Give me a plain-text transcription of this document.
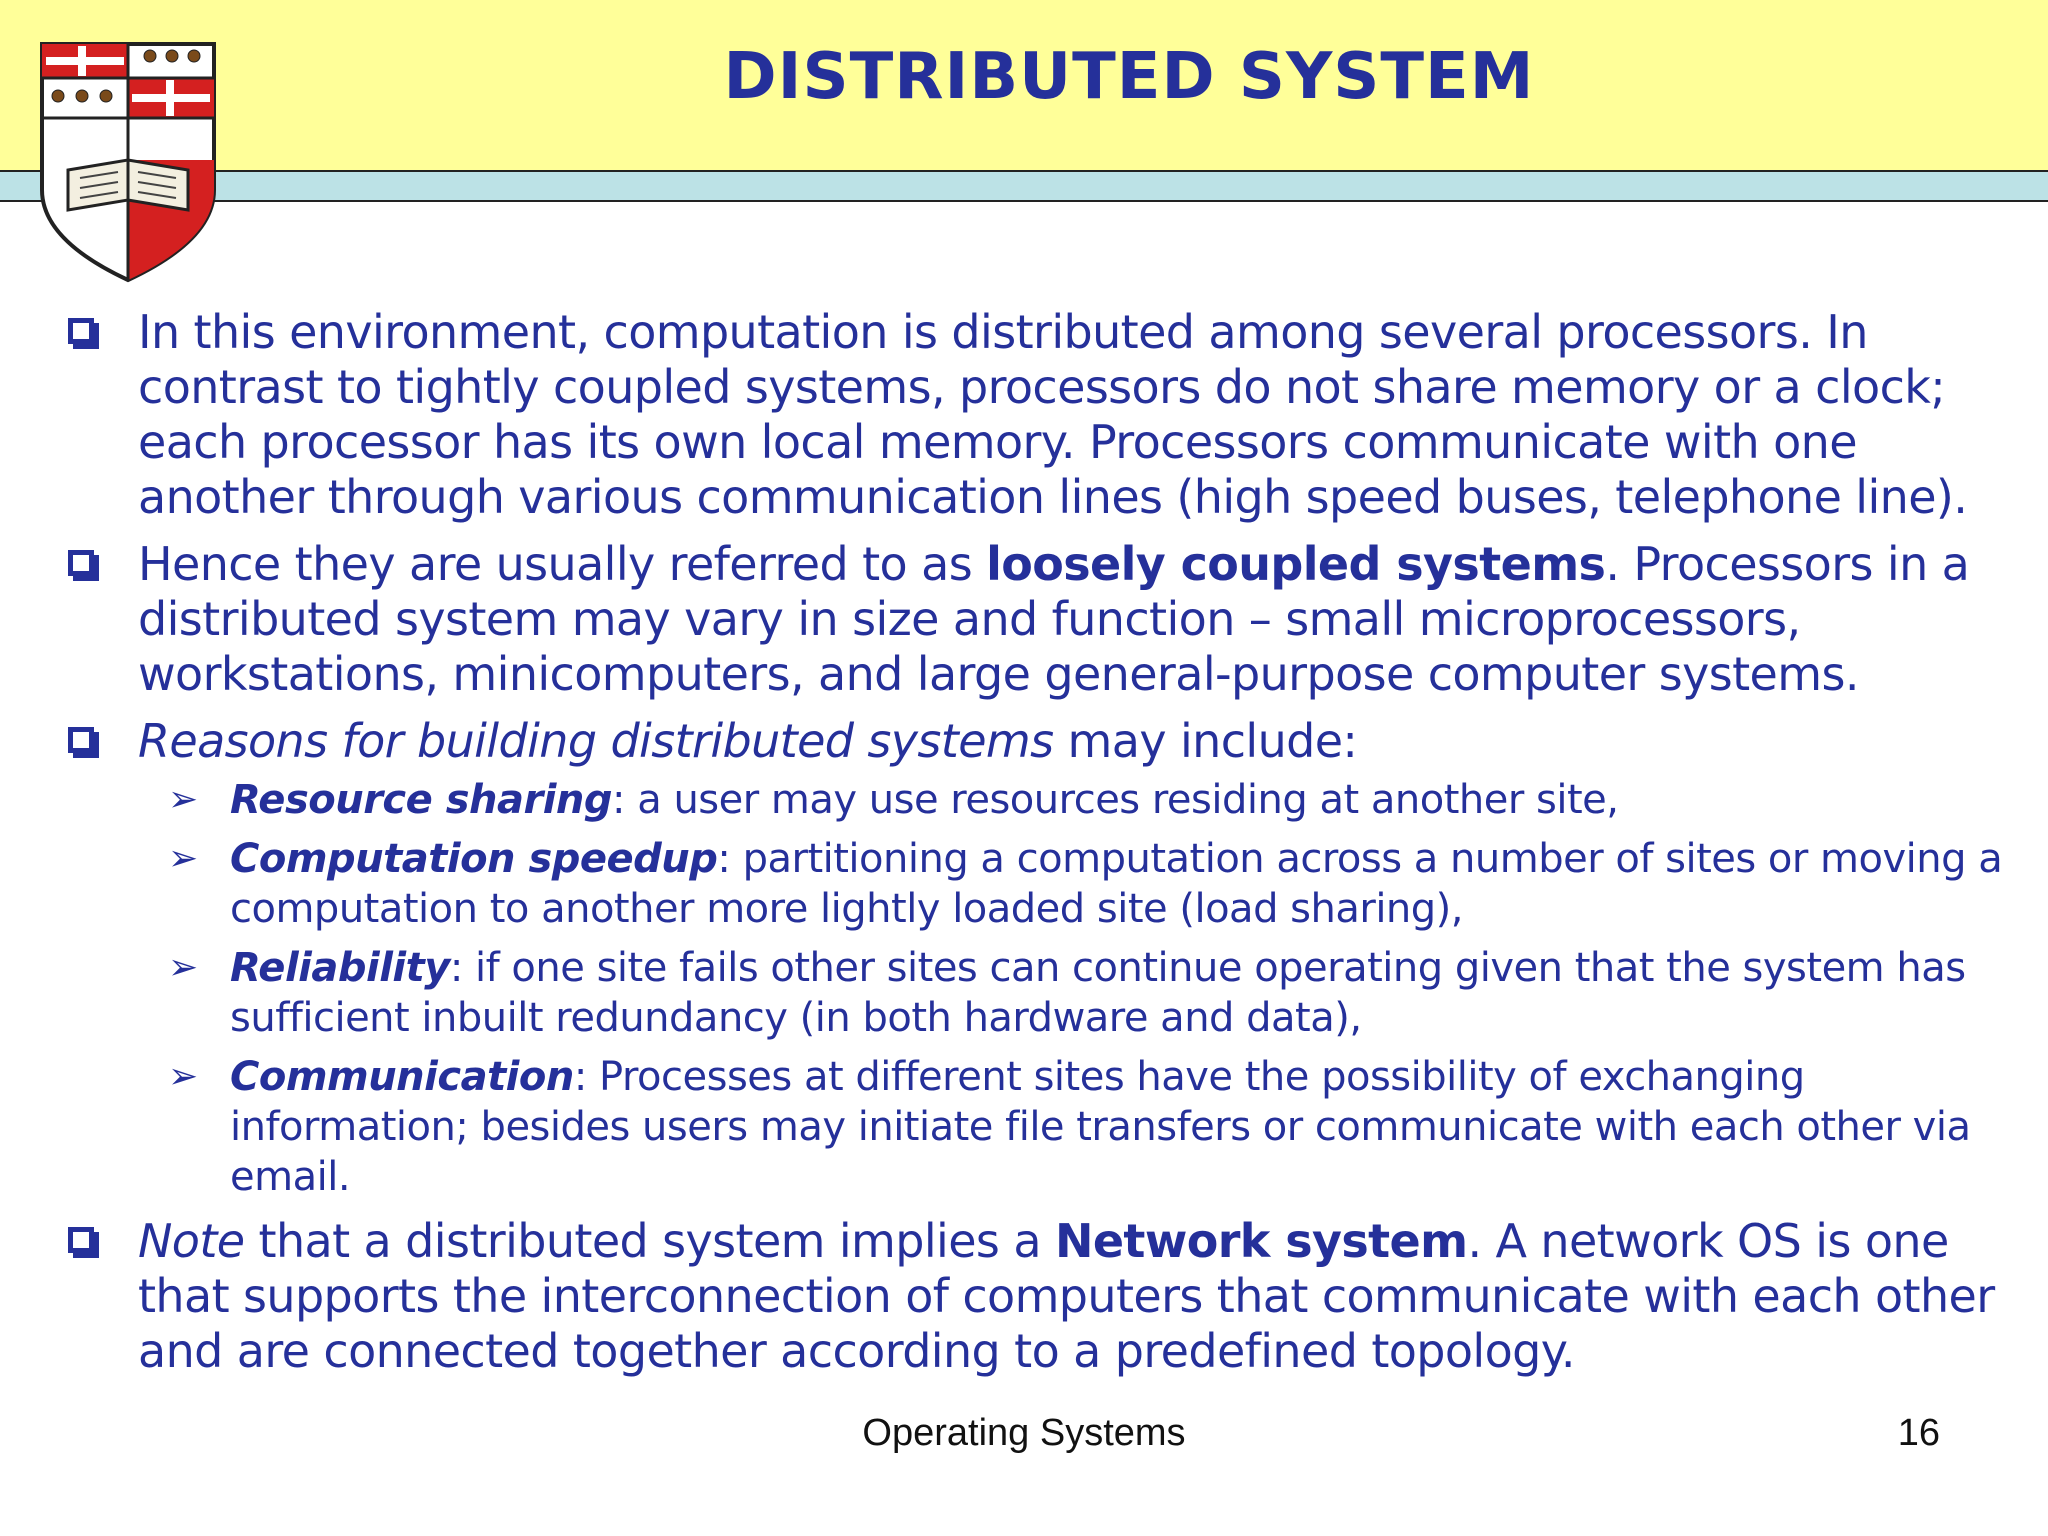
DISTRIBUTED SYSTEM
In this environment, computation is distributed among several processors. In contrast to tightly coupled systems, processors do not share memory or a clock; each processor has its own local memory. Processors communicate with one another through various communication lines (high speed buses, telephone line).
Hence they are usually referred to as loosely coupled systems. Processors in a distributed system may vary in size and function – small microprocessors, workstations, minicomputers, and large general-purpose computer systems.
Reasons for building distributed systems may include:
➢ Resource sharing: a user may use resources residing at another site,
➢ Computation speedup: partitioning a computation across a number of sites or moving a computation to another more lightly loaded site (load sharing),
➢ Reliability: if one site fails other sites can continue operating given that the system has sufficient inbuilt redundancy (in both hardware and data),
➢ Communication: Processes at different sites have the possibility of exchanging information; besides users may initiate file transfers or communicate with each other via email.
Note that a distributed system implies a Network system. A network OS is one that supports the interconnection of computers that communicate with each other and are connected together according to a predefined topology.
Operating Systems	16
